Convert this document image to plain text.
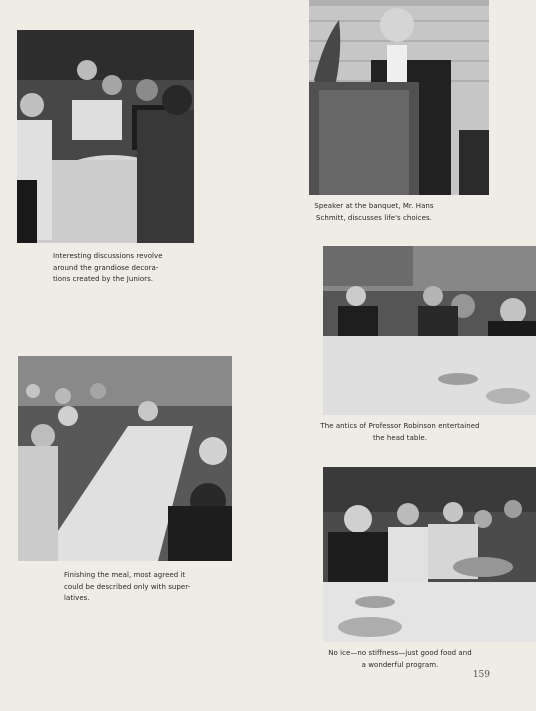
Interesting discussions revolve
around the grandiose decora-
tions created by the Juniors.
Speaker at the banquet, Mr. Hans
Schmitt, discusses life's choices.
The antics of Professor Robinson entertained
the head table.
Finishing the meal, most agreed it
could be described only with super-
latives.
No ice—no stiffness—just good food and
a wonderful program.
159
